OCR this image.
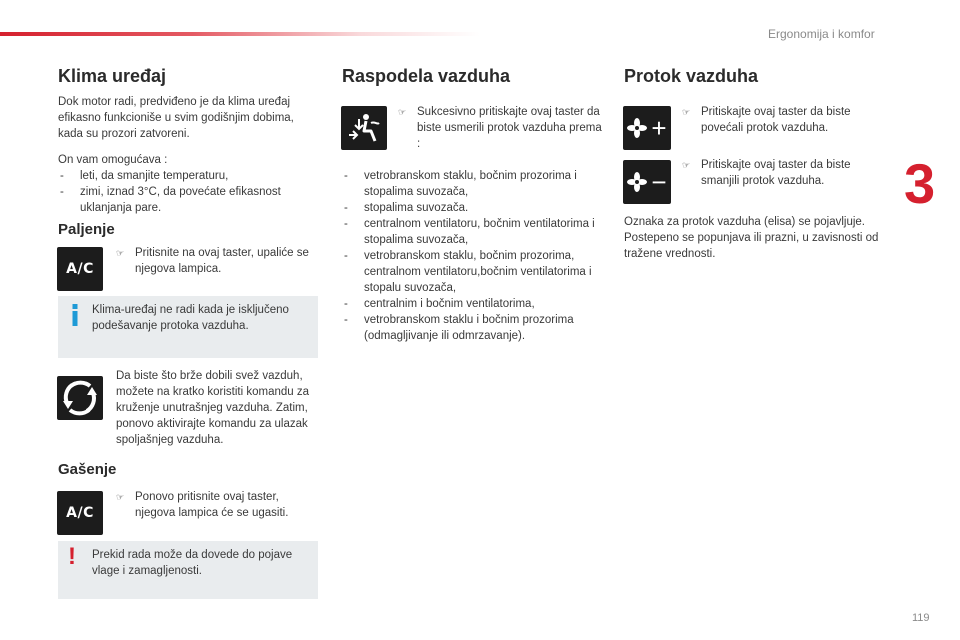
Ergonomija i komfor
3
Klima uređaj
Dok motor radi, predviđeno je da klima uređaj efikasno funkcioniše u svim godišnjim dobima, kada su prozori zatvoreni.
On vam omogućava :
- leti, da smanjite temperaturu,
- zimi, iznad 3°C, da povećate efikasnost uklanjanja pare.
Paljenje
A/C
☞ Pritisnite na ovaj taster, upaliće se njegova lampica.
Klima-uređaj ne radi kada je isključeno podešavanje protoka vazduha.
Da biste što brže dobili svež vazduh, možete na kratko koristiti komandu za kruženje unutrašnjeg vazduha. Zatim, ponovo aktivirajte komandu za ulazak spoljašnjeg vazduha.
Gašenje
A/C
☞ Ponovo pritisnite ovaj taster, njegova lampica će se ugasiti.
! Prekid rada može da dovede do pojave vlage i zamagljenosti.
Raspodela vazduha
☞ Sukcesivno pritiskajte ovaj taster da biste usmerili protok vazduha prema :
- vetrobranskom staklu, bočnim prozorima i stopalima suvozača,
- stopalima suvozača.
- centralnom ventilatoru, bočnim ventilatorima i stopalima suvozača,
- vetrobranskom staklu, bočnim prozorima, centralnom ventilatoru,bočnim ventilatorima i stopalu suvozača,
- centralnim i bočnim ventilatorima,
- vetrobranskom staklu i bočnim prozorima (odmagljivanje ili odmrzavanje).
Protok vazduha
+
☞ Pritiskajte ovaj taster da biste povećali protok vazduha.
−
☞ Pritiskajte ovaj taster da biste smanjili protok vazduha.
Oznaka za protok vazduha (elisa) se pojavljuje. Postepeno se popunjava ili prazni, u zavisnosti od tražene vrednosti.
119
